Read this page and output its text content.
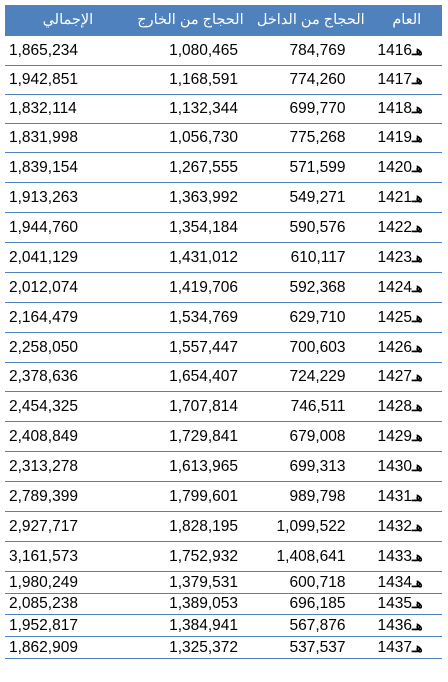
الإجمالي	الحجاج من الخارج	الحجاج من الداخل	العام
1,865,234	1,080,465	784,769	1416هـ
1,942,851	1,168,591	774,260	1417هـ
1,832,114	1,132,344	699,770	1418هـ
1,831,998	1,056,730	775,268	1419هـ
1,839,154	1,267,555	571,599	1420هـ
1,913,263	1,363,992	549,271	1421هـ
1,944,760	1,354,184	590,576	1422هـ
2,041,129	1,431,012	610,117	1423هـ
2,012,074	1,419,706	592,368	1424هـ
2,164,479	1,534,769	629,710	1425هـ
2,258,050	1,557,447	700,603	1426هـ
2,378,636	1,654,407	724,229	1427هـ
2,454,325	1,707,814	746,511	1428هـ
2,408,849	1,729,841	679,008	1429هـ
2,313,278	1,613,965	699,313	1430هـ
2,789,399	1,799,601	989,798	1431هـ
2,927,717	1,828,195	1,099,522	1432هـ
3,161,573	1,752,932	1,408,641	1433هـ
1,980,249	1,379,531	600,718	1434هـ
2,085,238	1,389,053	696,185	1435هـ
1,952,817	1,384,941	567,876	1436هـ
1,862,909	1,325,372	537,537	1437هـ
